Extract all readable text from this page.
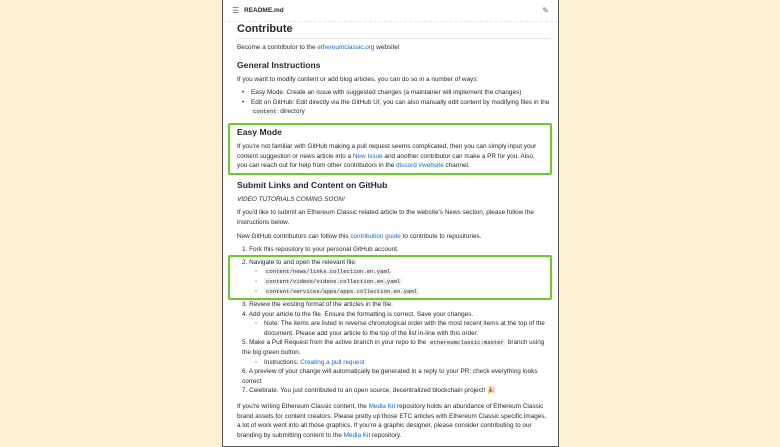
☰ README.md	✎
Contribute

Become a contributor to the ethereumclassic.org website!

General Instructions

If you want to modify content or add blog articles, you can do so in a number of ways:

•	Easy Mode: Create an issue with suggested changes (a maintainer will implement the changes)
•	Edit on GitHub: Edit directly via the GitHub UI; you can also manually edit content by modifying files in the content directory
Easy Mode

If you're not familiar with GitHub making a pull request seems complicated, then you can simply input your content suggestion or news article into a New Issue and another contributor can make a PR for you. Also, you can reach out for help from other contributors in the discord #website channel.

Submit Links and Content on GitHub

VIDEO TUTORIALS COMING SOON!

If you'd like to submit an Ethereum Classic related article to the website's News section, please follow the instructions below.

New GitHub contributors can follow this contribution guide to contribute to repositories.

1. Fork this repository to your personal GitHub account.

2. Navigate to and open the relevant file:

◦	content/news/links.collection.en.yaml
◦	content/videos/videos.collection.en.yaml
◦	content/services/apps/apps.collection.en.yaml

3. Review the existing format of the articles in the file.

4. Add your article to the file. Ensure the formatting is correct. Save your changes.

◦	Note: The items are listed in reverse chronological order with the most recent items at the top of the document. Please add your article to the top of the list in-line with this order.

5. Make a Pull Request from the active branch in your repo to the ethereumclassic:master branch using the big green button.

◦	Instructions: Creating a pull request

6. A preview of your change will automatically be generated in a reply to your PR; check everything looks correct

7. Celebrate. You just contributed to an open source, decentralized blockchain project! 🎉

If you're writing Ethereum Classic content, the Media Kit repository holds an abundance of Ethereum Classic brand assets for content creators. Please pretty up those ETC articles with Ethereum Classic specific images, a lot of work went into all those graphics. If you're a graphic designer, please consider contributing to our branding by submitting content to the Media Kit repository.
